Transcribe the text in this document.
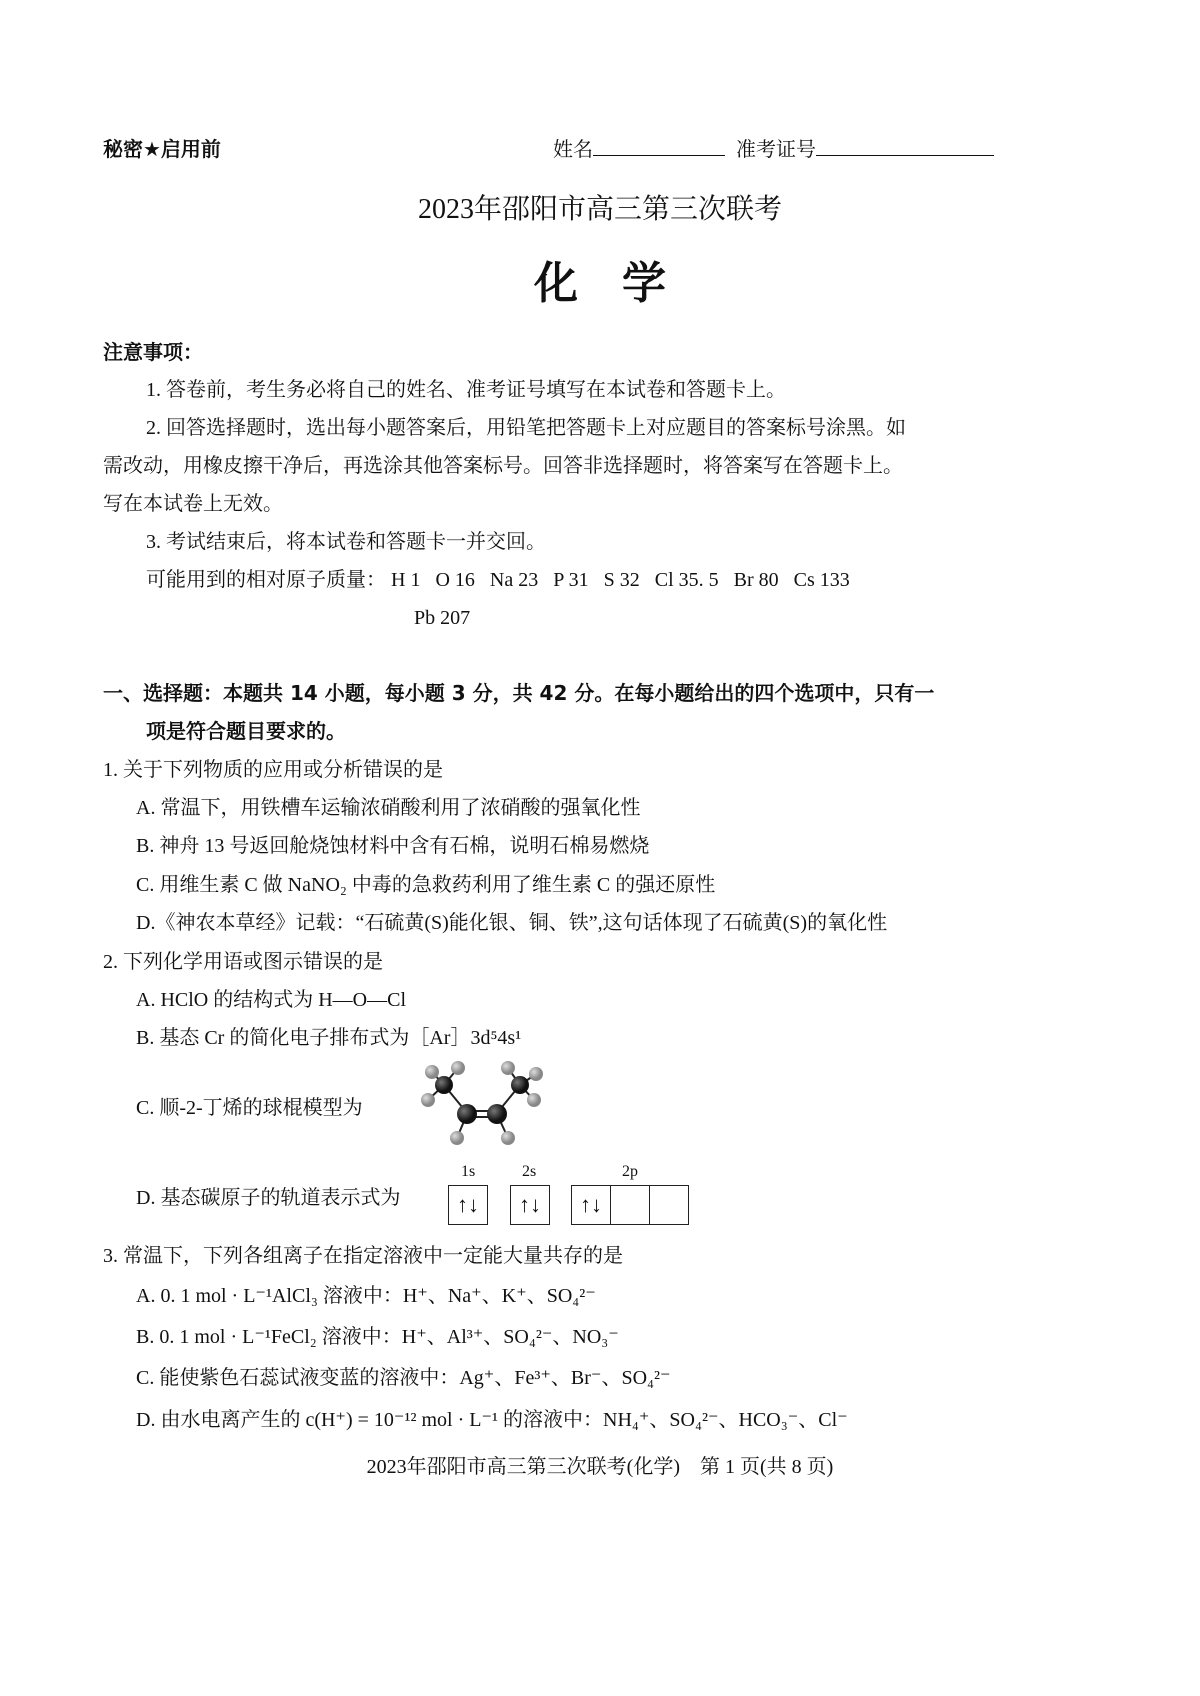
秘密★启用前	姓名	准考证号
2023年邵阳市高三第三次联考
化　学
注意事项：
1. 答卷前，考生务必将自己的姓名、准考证号填写在本试卷和答题卡上。
2. 回答选择题时，选出每小题答案后，用铅笔把答题卡上对应题目的答案标号涂黑。如
需改动，用橡皮擦干净后，再选涂其他答案标号。回答非选择题时，将答案写在答题卡上。
写在本试卷上无效。
3. 考试结束后，将本试卷和答题卡一并交回。
可能用到的相对原子质量： H 1  O 16  Na 23  P 31  S 32  Cl 35. 5  Br 80  Cs 133
Pb 207
一、选择题：本题共 14 小题，每小题 3 分，共 42 分。在每小题给出的四个选项中，只有一
项是符合题目要求的。
1. 关于下列物质的应用或分析错误的是
A. 常温下，用铁槽车运输浓硝酸利用了浓硝酸的强氧化性
B. 神舟 13 号返回舱烧蚀材料中含有石棉，说明石棉易燃烧
C. 用维生素 C 做 NaNO₂ 中毒的急救药利用了维生素 C 的强还原性
D.《神农本草经》记载：“石硫黄(S)能化银、铜、铁”,这句话体现了石硫黄(S)的氧化性
2. 下列化学用语或图示错误的是
A. HClO 的结构式为 H—O—Cl
B. 基态 Cr 的简化电子排布式为［Ar］3d⁵4s¹
C. 顺-2-丁烯的球棍模型为
D. 基态碳原子的轨道表示式为
1s	2s	2p
↑↓	↑↓	↑↓
3. 常温下，下列各组离子在指定溶液中一定能大量共存的是
A. 0. 1 mol · L⁻¹AlCl₃ 溶液中：H⁺、Na⁺、K⁺、SO₄²⁻
B. 0. 1 mol · L⁻¹FeCl₂ 溶液中：H⁺、Al³⁺、SO₄²⁻、NO₃⁻
C. 能使紫色石蕊试液变蓝的溶液中：Ag⁺、Fe³⁺、Br⁻、SO₄²⁻
D. 由水电离产生的 c(H⁺) = 10⁻¹² mol · L⁻¹ 的溶液中：NH₄⁺、SO₄²⁻、HCO₃⁻、Cl⁻
2023年邵阳市高三第三次联考(化学)　第 1 页(共 8 页)
